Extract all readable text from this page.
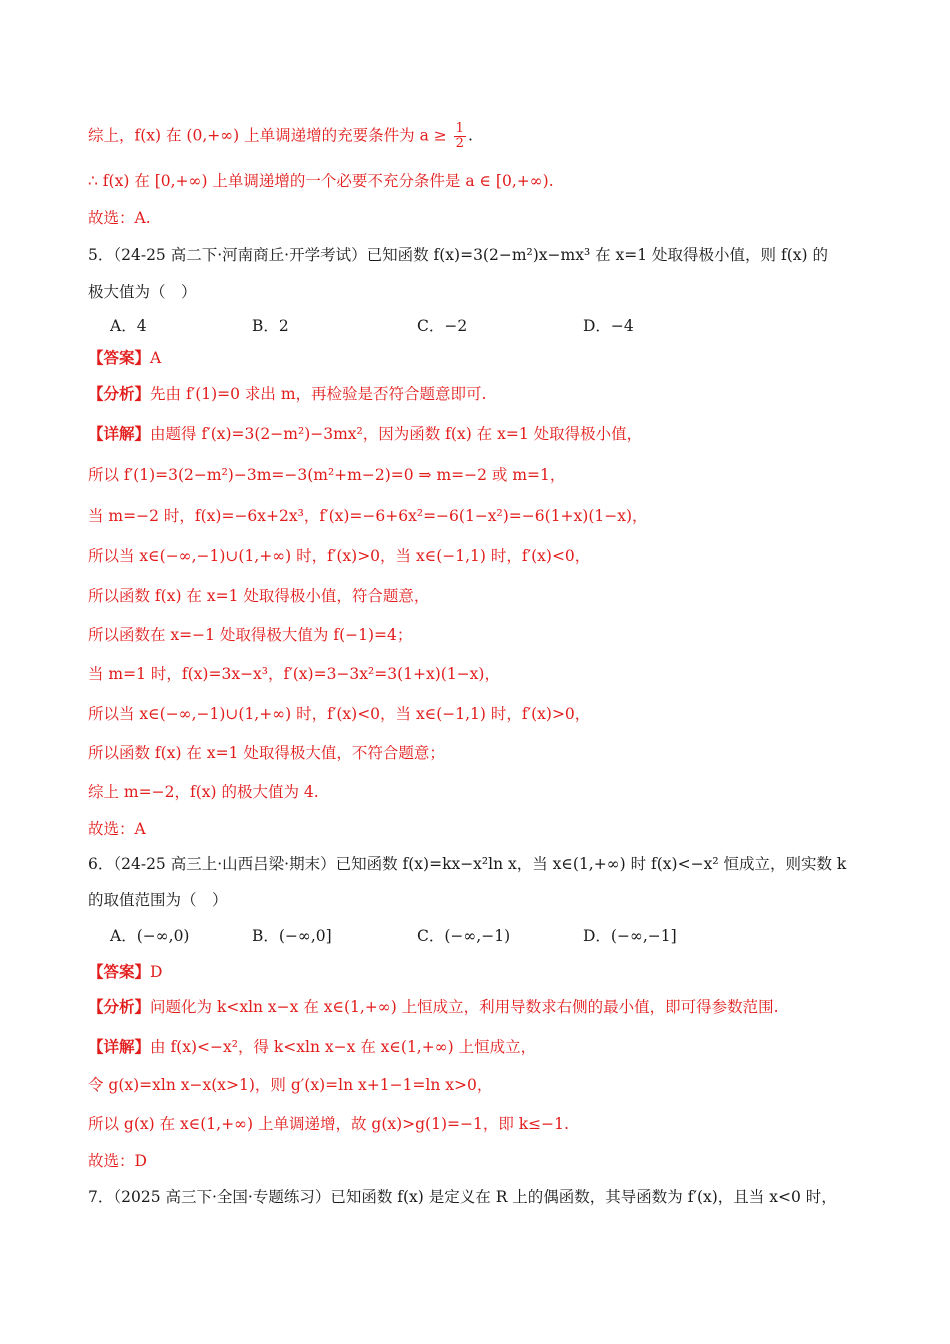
综上，f(x) 在 (0,+∞) 上单调递增的充要条件为 $a \ge \frac{1}{2}$ .
∴ f(x) 在 [0,+∞) 上单调递增的一个必要不充分条件是 a ∈ [0,+∞).
故选：A.
5．（24-25 高二下·河南商丘·开学考试）已知函数 f(x)=3(2−m²)x−mx³ 在 x=1 处取得极小值，则 f(x) 的
极大值为（　）
A．4	B．2	C．−2	D．−4
【答案】A
【分析】先由 f′(1)=0 求出 m，再检验是否符合题意即可.
【详解】由题得 f′(x)=3(2−m²)−3mx²，因为函数 f(x) 在 x=1 处取得极小值，
所以 f′(1)=3(2−m²)−3m=−3(m²+m−2)=0 ⇒ m=−2 或 m=1，
当 m=−2 时，f(x)=−6x+2x³，f′(x)=−6+6x²=−6(1−x²)=−6(1+x)(1−x)，
所以当 x∈(−∞,−1)∪(1,+∞) 时，f′(x)>0，当 x∈(−1,1) 时，f′(x)<0，
所以函数 f(x) 在 x=1 处取得极小值，符合题意，
所以函数在 x=−1 处取得极大值为 f(−1)=4；
当 m=1 时，f(x)=3x−x³，f′(x)=3−3x²=3(1+x)(1−x)，
所以当 x∈(−∞,−1)∪(1,+∞) 时，f′(x)<0，当 x∈(−1,1) 时，f′(x)>0，
所以函数 f(x) 在 x=1 处取得极大值，不符合题意；
综上 m=−2，f(x) 的极大值为 4.
故选：A
6．（24-25 高三上·山西吕梁·期末）已知函数 f(x)=kx−x²ln x，当 x∈(1,+∞) 时 f(x)<−x² 恒成立，则实数 k
的取值范围为（　）
A．(−∞,0)	B．(−∞,0]	C．(−∞,−1)	D．(−∞,−1]
【答案】D
【分析】问题化为 k<xln x−x 在 x∈(1,+∞) 上恒成立，利用导数求右侧的最小值，即可得参数范围.
【详解】由 f(x)<−x²，得 k<xln x−x 在 x∈(1,+∞) 上恒成立，
令 g(x)=xln x−x(x>1)，则 g′(x)=ln x+1−1=ln x>0，
所以 g(x) 在 x∈(1,+∞) 上单调递增，故 g(x)>g(1)=−1，即 k≤−1.
故选：D
7．（2025 高三下·全国·专题练习）已知函数 f(x) 是定义在 R 上的偶函数，其导函数为 f′(x)，且当 x<0 时，
